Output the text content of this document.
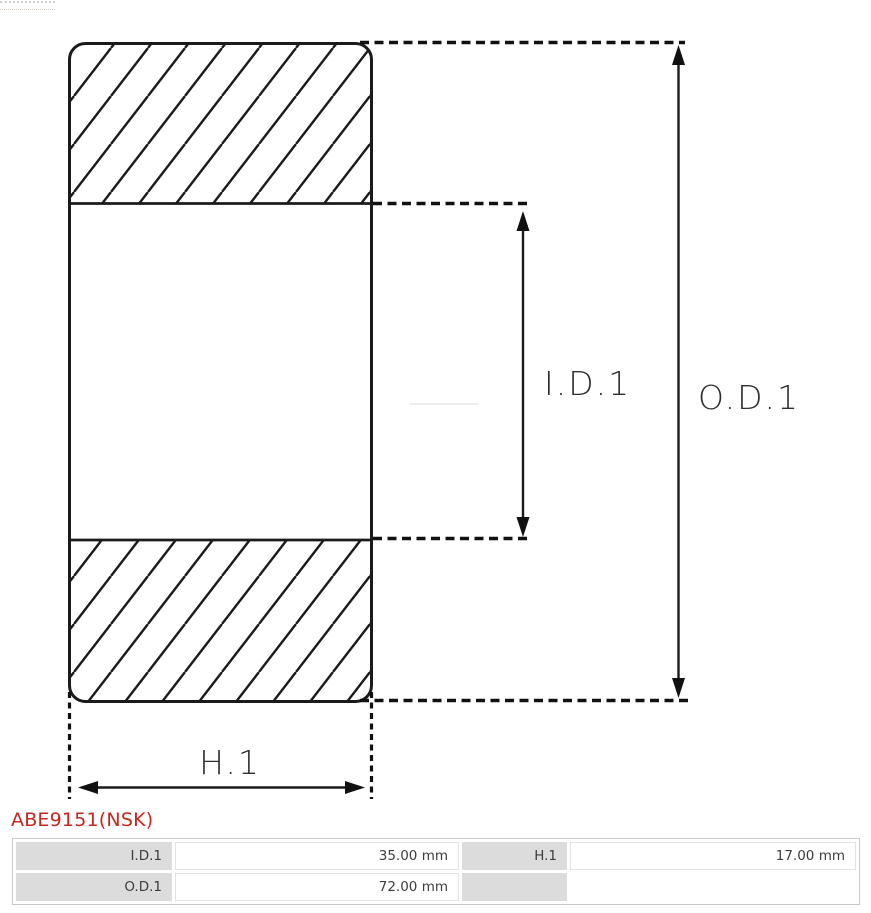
I.D.1 O.D.1
H.1
ABE9151(NSK)
I.D.1	35.00 mm	H.1	17.00 mm
O.D.1	72.00 mm		
